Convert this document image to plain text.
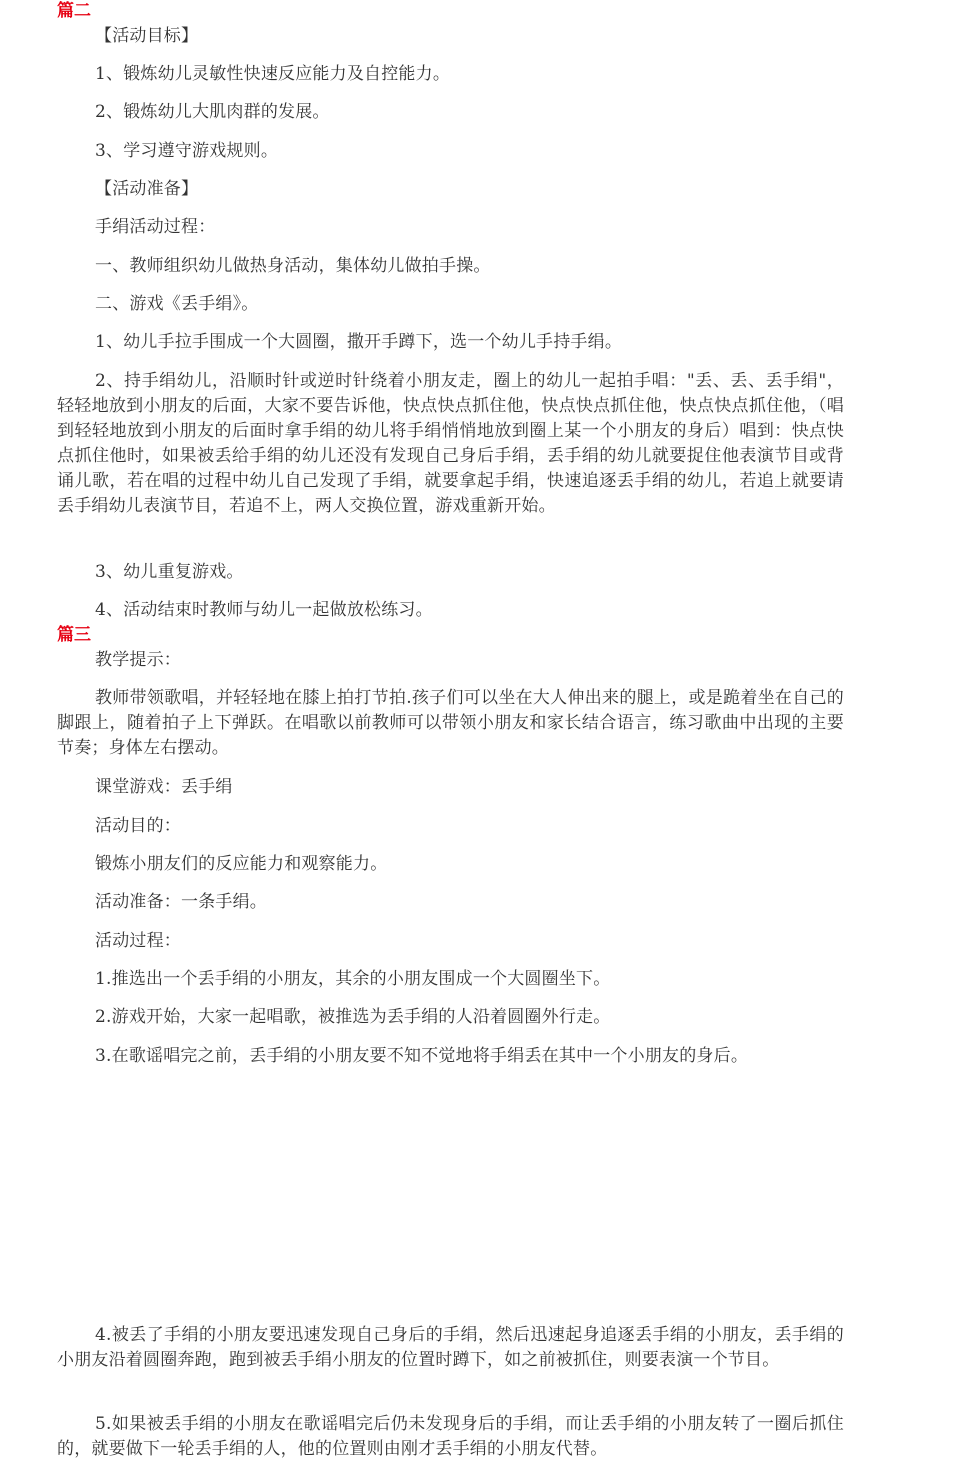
篇二

【活动目标】

1、锻炼幼儿灵敏性快速反应能力及自控能力。

2、锻炼幼儿大肌肉群的发展。

3、学习遵守游戏规则。

【活动准备】

手绢活动过程：

一、教师组织幼儿做热身活动，集体幼儿做拍手操。

二、游戏《丢手绢》。

1、幼儿手拉手围成一个大圆圈，撒开手蹲下，选一个幼儿手持手绢。

2、持手绢幼儿，沿顺时针或逆时针绕着小朋友走，圈上的幼儿一起拍手唱："丢、丢、丢手绢"，轻轻地放到小朋友的后面，大家不要告诉他，快点快点抓住他，快点快点抓住他，快点快点抓住他，（唱到轻轻地放到小朋友的后面时拿手绢的幼儿将手绢悄悄地放到圈上某一个小朋友的身后）唱到：快点快点抓住他时，如果被丢给手绢的幼儿还没有发现自己身后手绢，丢手绢的幼儿就要捉住他表演节目或背诵儿歌，若在唱的过程中幼儿自己发现了手绢，就要拿起手绢，快速追逐丢手绢的幼儿，若追上就要请丢手绢幼儿表演节目，若追不上，两人交换位置，游戏重新开始。

3、幼儿重复游戏。

4、活动结束时教师与幼儿一起做放松练习。

篇三

教学提示：

教师带领歌唱，并轻轻地在膝上拍打节拍.孩子们可以坐在大人伸出来的腿上，或是跪着坐在自己的脚跟上，随着拍子上下弹跃。在唱歌以前教师可以带领小朋友和家长结合语言，练习歌曲中出现的主要节奏；身体左右摆动。

课堂游戏：丢手绢

活动目的：

锻炼小朋友们的反应能力和观察能力。

活动准备：一条手绢。

活动过程：

1.推选出一个丢手绢的小朋友，其余的小朋友围成一个大圆圈坐下。

2.游戏开始，大家一起唱歌，被推选为丢手绢的人沿着圆圈外行走。

3.在歌谣唱完之前，丢手绢的小朋友要不知不觉地将手绢丢在其中一个小朋友的身后。

4.被丢了手绢的小朋友要迅速发现自己身后的手绢，然后迅速起身追逐丢手绢的小朋友，丢手绢的小朋友沿着圆圈奔跑，跑到被丢手绢小朋友的位置时蹲下，如之前被抓住，则要表演一个节目。

5.如果被丢手绢的小朋友在歌谣唱完后仍未发现身后的手绢，而让丢手绢的小朋友转了一圈后抓住的，就要做下一轮丢手绢的人，他的位置则由刚才丢手绢的小朋友代替。
